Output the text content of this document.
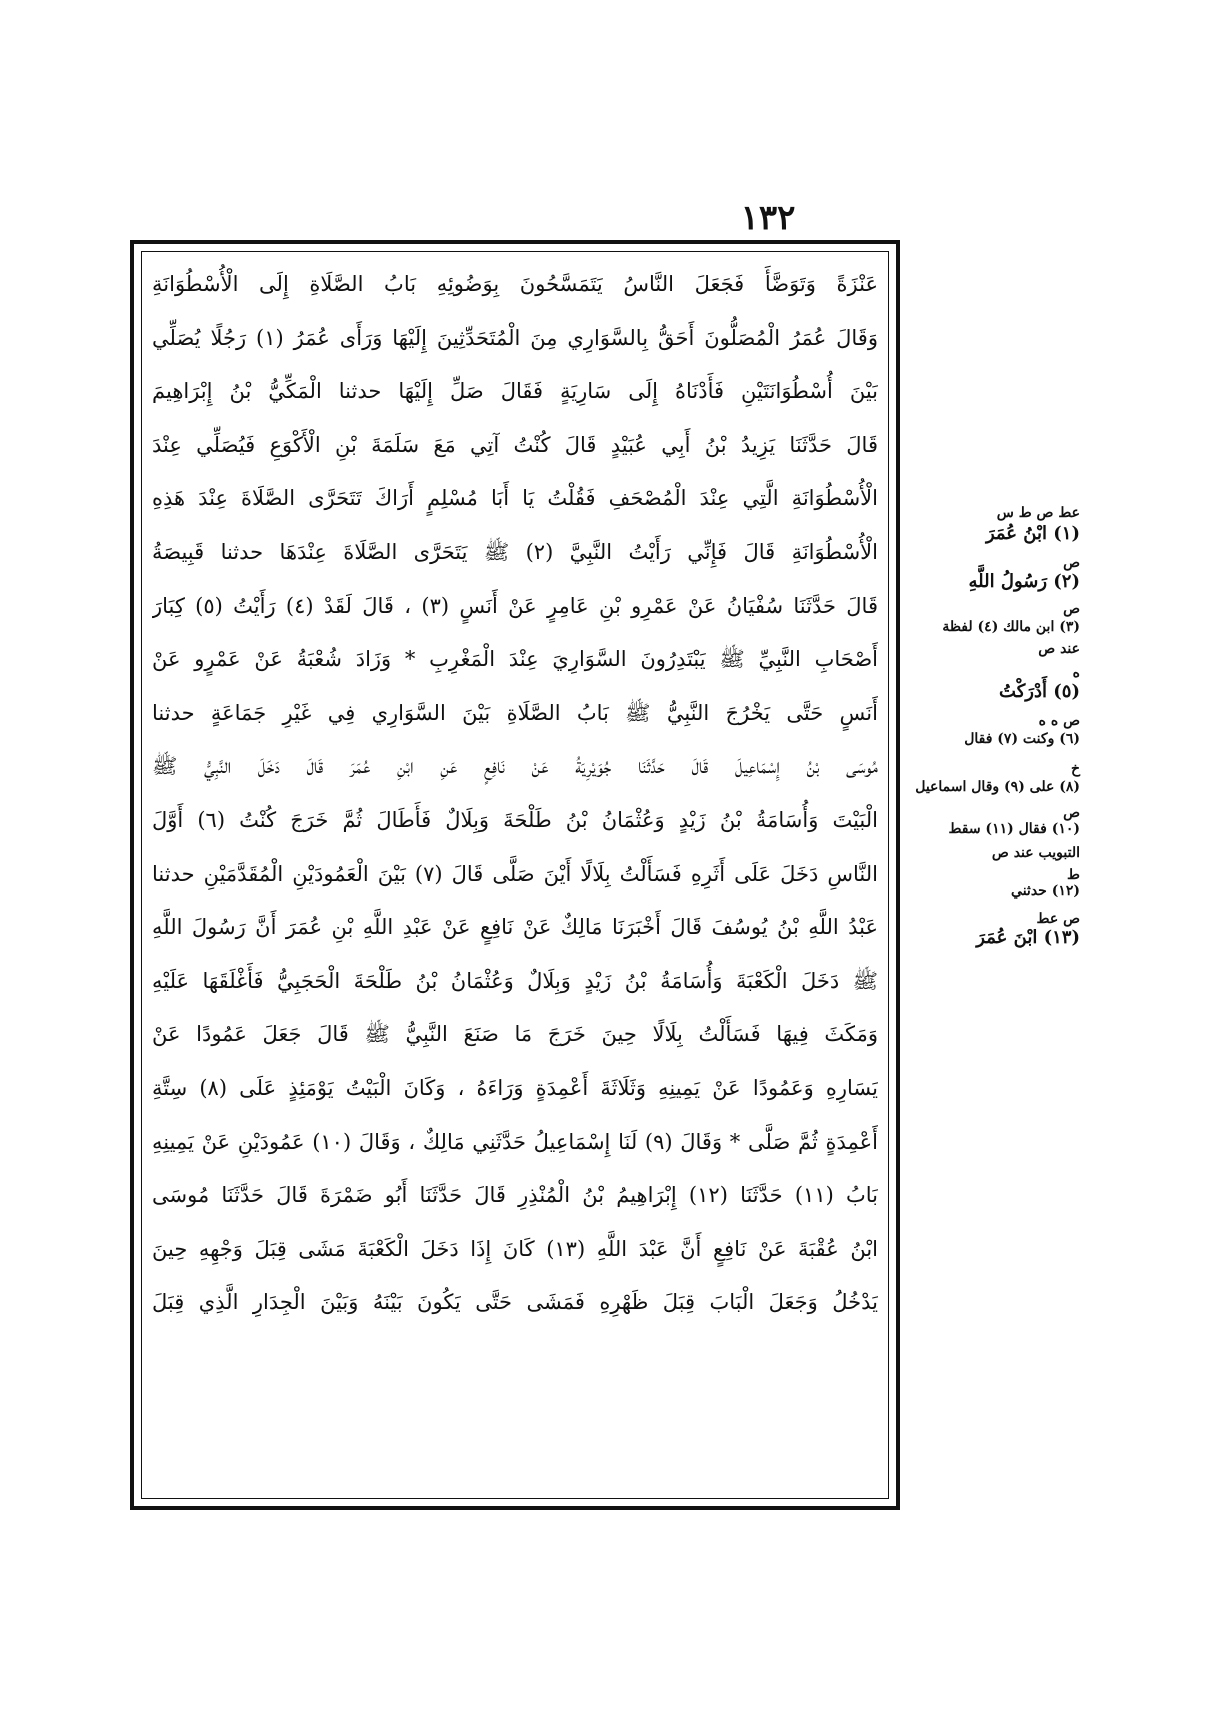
١٣٢
عَنْزَةً وَتَوَضَّأَ فَجَعَلَ النَّاسُ يَتَمَسَّحُونَ بِوَضُوئِهِ بَابُ الصَّلَاةِ إِلَى الْأُسْطُوَانَةِ
وَقَالَ عُمَرُ الْمُصَلُّونَ أَحَقُّ بِالسَّوَارِي مِنَ الْمُتَحَدِّثِينَ إِلَيْهَا وَرَأَى عُمَرُ (١) رَجُلًا يُصَلِّي
بَيْنَ أُسْطُوَانَتَيْنِ فَأَدْنَاهُ إِلَى سَارِيَةٍ فَقَالَ صَلِّ إِلَيْهَا حدثنا الْمَكِّيُّ بْنُ إِبْرَاهِيمَ
قَالَ حَدَّثَنَا يَزِيدُ بْنُ أَبِي عُبَيْدٍ قَالَ كُنْتُ آتِي مَعَ سَلَمَةَ بْنِ الْأَكْوَعِ فَيُصَلِّي عِنْدَ
الْأُسْطُوَانَةِ الَّتِي عِنْدَ الْمُصْحَفِ فَقُلْتُ يَا أَبَا مُسْلِمٍ أَرَاكَ تَتَحَرَّى الصَّلَاةَ عِنْدَ هَذِهِ
الْأُسْطُوَانَةِ قَالَ فَإِنِّي رَأَيْتُ النَّبِيَّ (٢) ﷺ يَتَحَرَّى الصَّلَاةَ عِنْدَهَا حدثنا قَبِيصَةُ
قَالَ حَدَّثَنَا سُفْيَانُ عَنْ عَمْرِو بْنِ عَامِرٍ عَنْ أَنَسٍ (٣) ، قَالَ لَقَدْ (٤) رَأَيْتُ (٥) كِبَارَ
أَصْحَابِ النَّبِيِّ ﷺ يَبْتَدِرُونَ السَّوَارِيَ عِنْدَ الْمَغْرِبِ * وَزَادَ شُعْبَةُ عَنْ عَمْرٍو عَنْ
أَنَسٍ حَتَّى يَخْرُجَ النَّبِيُّ ﷺ بَابُ الصَّلَاةِ بَيْنَ السَّوَارِي فِي غَيْرِ جَمَاعَةٍ حدثنا
مُوسَى بْنُ إِسْمَاعِيلَ قَالَ حَدَّثَنَا جُوَيْرِيَةُ عَنْ نَافِعٍ عَنِ ابْنِ عُمَرَ قَالَ دَخَلَ النَّبِيُّ ﷺ
الْبَيْتَ وَأُسَامَةُ بْنُ زَيْدٍ وَعُثْمَانُ بْنُ طَلْحَةَ وَبِلَالٌ فَأَطَالَ ثُمَّ خَرَجَ كُنْتُ (٦) أَوَّلَ
النَّاسِ دَخَلَ عَلَى أَثَرِهِ فَسَأَلْتُ بِلَالًا أَيْنَ صَلَّى قَالَ (٧) بَيْنَ الْعَمُودَيْنِ الْمُقَدَّمَيْنِ حدثنا
عَبْدُ اللَّهِ بْنُ يُوسُفَ قَالَ أَخْبَرَنَا مَالِكٌ عَنْ نَافِعٍ عَنْ عَبْدِ اللَّهِ بْنِ عُمَرَ أَنَّ رَسُولَ اللَّهِ
ﷺ دَخَلَ الْكَعْبَةَ وَأُسَامَةُ بْنُ زَيْدٍ وَبِلَالٌ وَعُثْمَانُ بْنُ طَلْحَةَ الْحَجَبِيُّ فَأَغْلَقَهَا عَلَيْهِ
وَمَكَثَ فِيهَا فَسَأَلْتُ بِلَالًا حِينَ خَرَجَ مَا صَنَعَ النَّبِيُّ ﷺ قَالَ جَعَلَ عَمُودًا عَنْ
يَسَارِهِ وَعَمُودًا عَنْ يَمِينِهِ وَثَلَاثَةَ أَعْمِدَةٍ وَرَاءَهُ ، وَكَانَ الْبَيْتُ يَوْمَئِذٍ عَلَى (٨) سِتَّةِ
أَعْمِدَةٍ ثُمَّ صَلَّى * وَقَالَ (٩) لَنَا إِسْمَاعِيلُ حَدَّثَنِي مَالِكٌ ، وَقَالَ (١٠) عَمُودَيْنِ عَنْ يَمِينِهِ
بَابُ (١١) حَدَّثَنَا (١٢) إِبْرَاهِيمُ بْنُ الْمُنْذِرِ قَالَ حَدَّثَنَا أَبُو ضَمْرَةَ قَالَ حَدَّثَنَا مُوسَى
ابْنُ عُقْبَةَ عَنْ نَافِعٍ أَنَّ عَبْدَ اللَّهِ (١٣) كَانَ إِذَا دَخَلَ الْكَعْبَةَ مَشَى قِبَلَ وَجْهِهِ حِينَ
يَدْخُلُ وَجَعَلَ الْبَابَ قِبَلَ ظَهْرِهِ فَمَشَى حَتَّى يَكُونَ بَيْنَهُ وَبَيْنَ الْجِدَارِ الَّذِي قِبَلَ
عط ص ط س
(١) ابْنُ عُمَرَ
ص
(٢) رَسُولُ اللَّهِ
ص
(٣) ابن مالك (٤) لفظة
عند ص
ه
(٥) أَدْرَكْتُ
ص ه ه
(٦) وكنت (٧) فقال
خ
(٨) على (٩) وقال اسماعيل
ص
(١٠) فقال (١١) سقط
التبويب عند ص
ط
(١٢) حدثني
ص عط
(١٣) ابْنَ عُمَرَ
